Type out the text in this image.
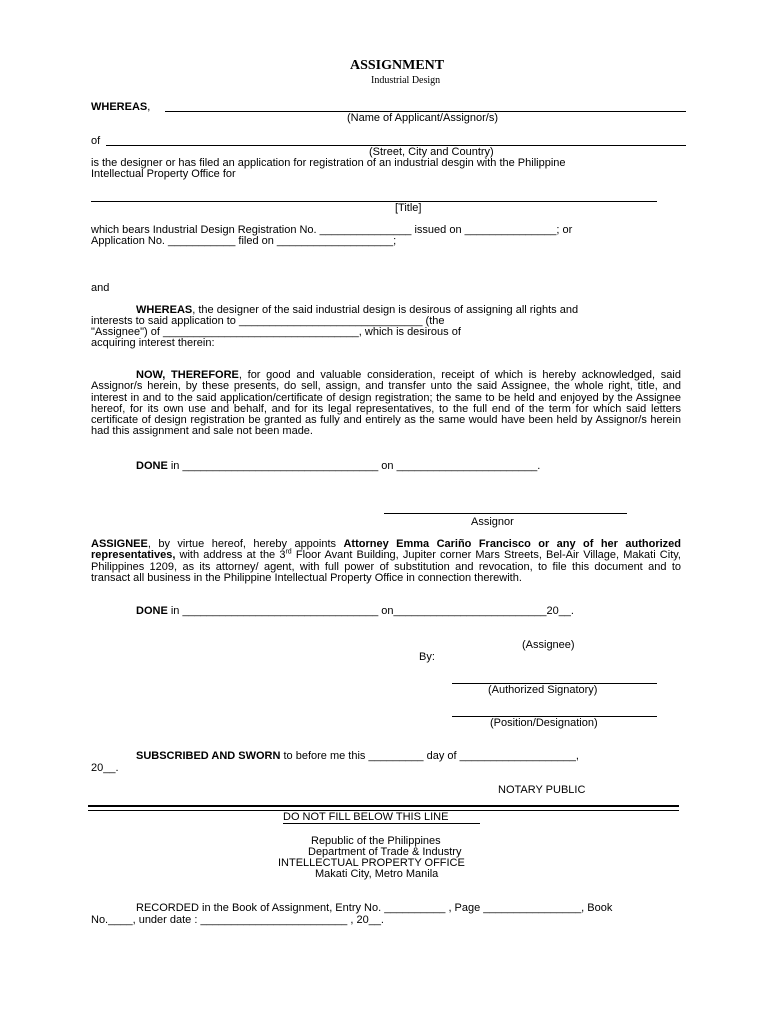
ASSIGNMENT
Industrial Design
WHEREAS,
(Name of Applicant/Assignor/s)
of
(Street, City and Country)
is the designer or has filed an application for registration of an industrial desgin with the Philippine
Intellectual Property Office for
[Title]
which bears Industrial Design Registration No. _______________ issued on _______________; or
Application No. ___________ filed on ___________________;
and
WHEREAS, the designer of the said industrial design is desirous of assigning all rights and
interests to said application to ______________________________ (the
"Assignee") of ________________________________, which is desirous of
acquiring interest therein:
NOW, THEREFORE, for good and valuable consideration, receipt of which is hereby acknowledged, said Assignor/s herein, by these presents, do sell, assign, and transfer unto the said Assignee, the whole right, title, and interest in and to the said application/certificate of design registration; the same to be held and enjoyed by the Assignee hereof, for its own use and behalf, and for its legal representatives, to the full end of the term for which said letters certificate of design registration be granted as fully and entirely as the same would have been held by Assignor/s herein had this assignment and sale not been made.
DONE in ________________________________ on _______________________.
Assignor
ASSIGNEE, by virtue hereof, hereby appoints Attorney Emma Cariño Francisco or any of her authorized representatives, with address at the 3rd Floor Avant Building, Jupiter corner Mars Streets, Bel-Air Village, Makati City, Philippines 1209, as its attorney/ agent, with full power of substitution and revocation, to file this document and to transact all business in the Philippine Intellectual Property Office in connection therewith.
DONE in ________________________________ on_________________________20__.
(Assignee)
By:
(Authorized Signatory)
(Position/Designation)
SUBSCRIBED AND SWORN to before me this _________ day of ___________________,
20__.
NOTARY PUBLIC
DO NOT FILL BELOW THIS LINE
Republic of the Philippines
Department of Trade & Industry
INTELLECTUAL PROPERTY OFFICE
Makati City, Metro Manila
RECORDED in the Book of Assignment, Entry No. __________ , Page ________________, Book
No.____, under date : ________________________ , 20__.
